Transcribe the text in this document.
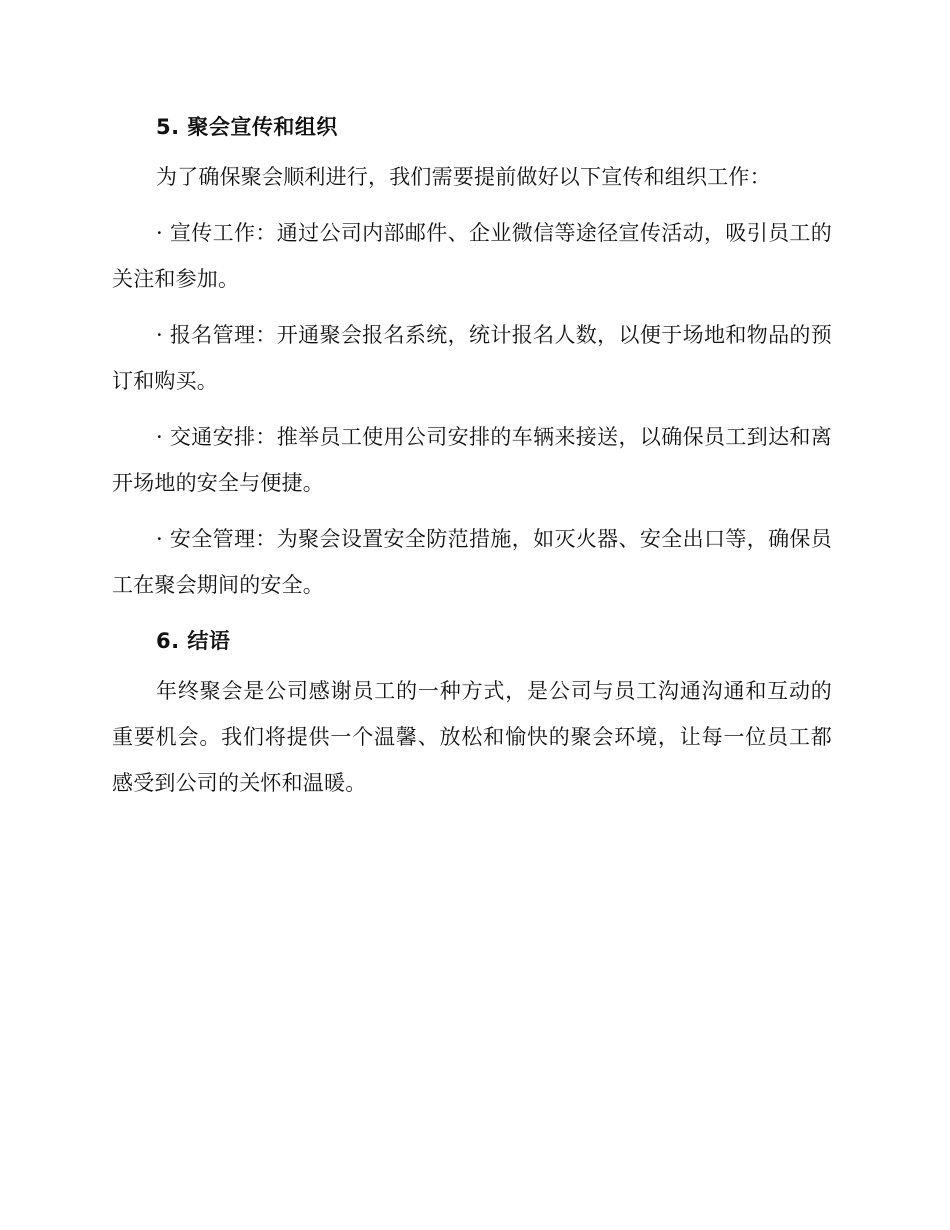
5. 聚会宣传和组织

为了确保聚会顺利进行，我们需要提前做好以下宣传和组织工作：

· 宣传工作：通过公司内部邮件、企业微信等途径宣传活动，吸引员工的关注和参加。

· 报名管理：开通聚会报名系统，统计报名人数，以便于场地和物品的预订和购买。

· 交通安排：推举员工使用公司安排的车辆来接送，以确保员工到达和离开场地的安全与便捷。

· 安全管理：为聚会设置安全防范措施，如灭火器、安全出口等，确保员工在聚会期间的安全。

6. 结语

年终聚会是公司感谢员工的一种方式，是公司与员工沟通沟通和互动的重要机会。我们将提供一个温馨、放松和愉快的聚会环境，让每一位员工都感受到公司的关怀和温暖。
